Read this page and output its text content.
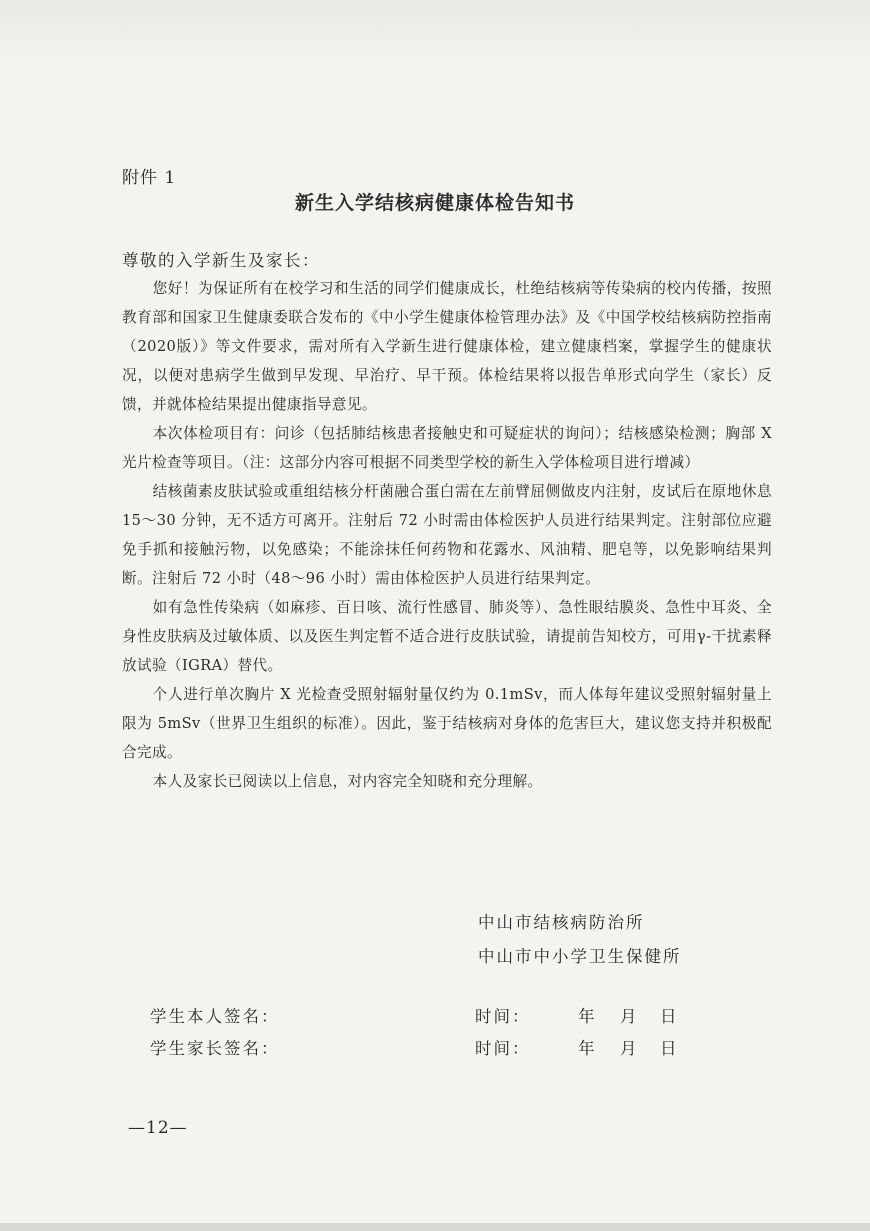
附件 1
新生入学结核病健康体检告知书
尊敬的入学新生及家长：

您好！为保证所有在校学习和生活的同学们健康成长，杜绝结核病等传染病的校内传播，按照教育部和国家卫生健康委联合发布的《中小学生健康体检管理办法》及《中国学校结核病防控指南（2020版）》等文件要求，需对所有入学新生进行健康体检，建立健康档案，掌握学生的健康状况，以便对患病学生做到早发现、早治疗、早干预。体检结果将以报告单形式向学生（家长）反馈，并就体检结果提出健康指导意见。

本次体检项目有：问诊（包括肺结核患者接触史和可疑症状的询问）；结核感染检测；胸部 X 光片检查等项目。（注：这部分内容可根据不同类型学校的新生入学体检项目进行增减）

结核菌素皮肤试验或重组结核分杆菌融合蛋白需在左前臂屈侧做皮内注射，皮试后在原地休息 15～30 分钟，无不适方可离开。注射后 72 小时需由体检医护人员进行结果判定。注射部位应避免手抓和接触污物，以免感染；不能涂抹任何药物和花露水、风油精、肥皂等，以免影响结果判断。注射后 72 小时（48～96 小时）需由体检医护人员进行结果判定。

如有急性传染病（如麻疹、百日咳、流行性感冒、肺炎等）、急性眼结膜炎、急性中耳炎、全身性皮肤病及过敏体质、以及医生判定暂不适合进行皮肤试验，请提前告知校方，可用γ-干扰素释放试验（IGRA）替代。

个人进行单次胸片 X 光检查受照射辐射量仅约为 0.1mSv，而人体每年建议受照射辐射量上限为 5mSv（世界卫生组织的标准）。因此，鉴于结核病对身体的危害巨大，建议您支持并积极配合完成。

本人及家长已阅读以上信息，对内容完全知晓和充分理解。

中山市结核病防治所
中山市中小学卫生保健所
学生本人签名：	时间：	年 月 日
学生家长签名：	时间：	年 月 日
—12—
